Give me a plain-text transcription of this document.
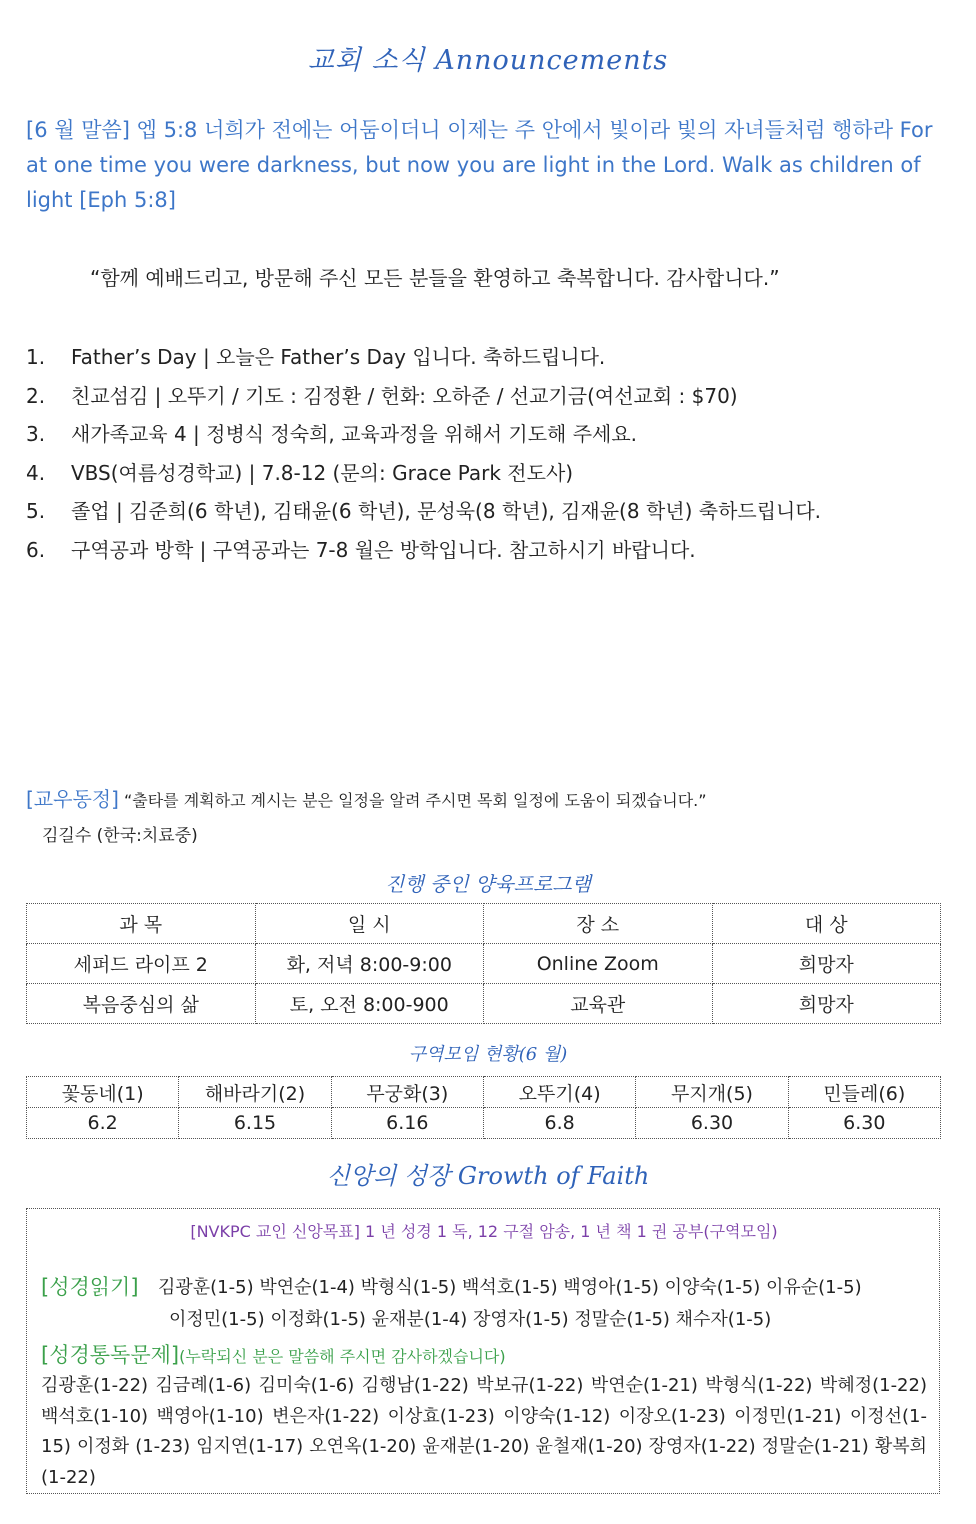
교회 소식 Announcements
[6 월 말씀] 엡 5:8 너희가 전에는 어둠이더니 이제는 주 안에서 빛이라 빛의 자녀들처럼 행하라 For at one time you were darkness, but now you are light in the Lord. Walk as children of light [Eph 5:8]
“함께 예배드리고, 방문해 주신 모든 분들을 환영하고 축복합니다. 감사합니다.”
1.	Father’s Day | 오늘은 Father’s Day 입니다. 축하드립니다.
2.	친교섬김 | 오뚜기 / 기도 : 김정환 / 헌화: 오하준 / 선교기금(여선교회 : $70)
3.	새가족교육 4 | 정병식 정숙희, 교육과정을 위해서 기도해 주세요.
4.	VBS(여름성경학교) | 7.8-12 (문의: Grace Park 전도사)
5.	졸업 | 김준희(6 학년), 김태윤(6 학년), 문성욱(8 학년), 김재윤(8 학년) 축하드립니다.
6.	구역공과 방학 | 구역공과는 7-8 월은 방학입니다. 참고하시기 바랍니다.
[교우동정] “출타를 계획하고 계시는 분은 일정을 알려 주시면 목회 일정에 도움이 되겠습니다.”
김길수 (한국:치료중)
진행 중인 양육프로그램
과 목	일 시	장 소	대 상
세퍼드 라이프 2	화, 저녁 8:00-9:00	Online Zoom	희망자
복음중심의 삶	토, 오전 8:00-900	교육관	희망자
구역모임 현황(6 월)
꽃동네(1)	해바라기(2)	무궁화(3)	오뚜기(4)	무지개(5)	민들레(6)
6.2	6.15	6.16	6.8	6.30	6.30
신앙의 성장 Growth of Faith
[NVKPC 교인 신앙목표] 1 년 성경 1 독, 12 구절 암송, 1 년 책 1 권 공부(구역모임)
[성경읽기] 김광훈(1-5) 박연순(1-4) 박형식(1-5) 백석호(1-5) 백영아(1-5) 이양숙(1-5) 이유순(1-5)
이정민(1-5) 이정화(1-5) 윤재분(1-4) 장영자(1-5) 정말순(1-5) 채수자(1-5)
[성경통독문제](누락되신 분은 말씀해 주시면 감사하겠습니다)
김광훈(1-22) 김금례(1-6) 김미숙(1-6) 김행남(1-22) 박보규(1-22) 박연순(1-21) 박형식(1-22) 박혜정(1-22) 백석호(1-10) 백영아(1-10) 변은자(1-22) 이상효(1-23) 이양숙(1-12) 이장오(1-23) 이정민(1-21) 이정선(1-15) 이정화 (1-23) 임지연(1-17) 오연옥(1-20) 윤재분(1-20) 윤철재(1-20) 장영자(1-22) 정말순(1-21) 황복희(1-22)
